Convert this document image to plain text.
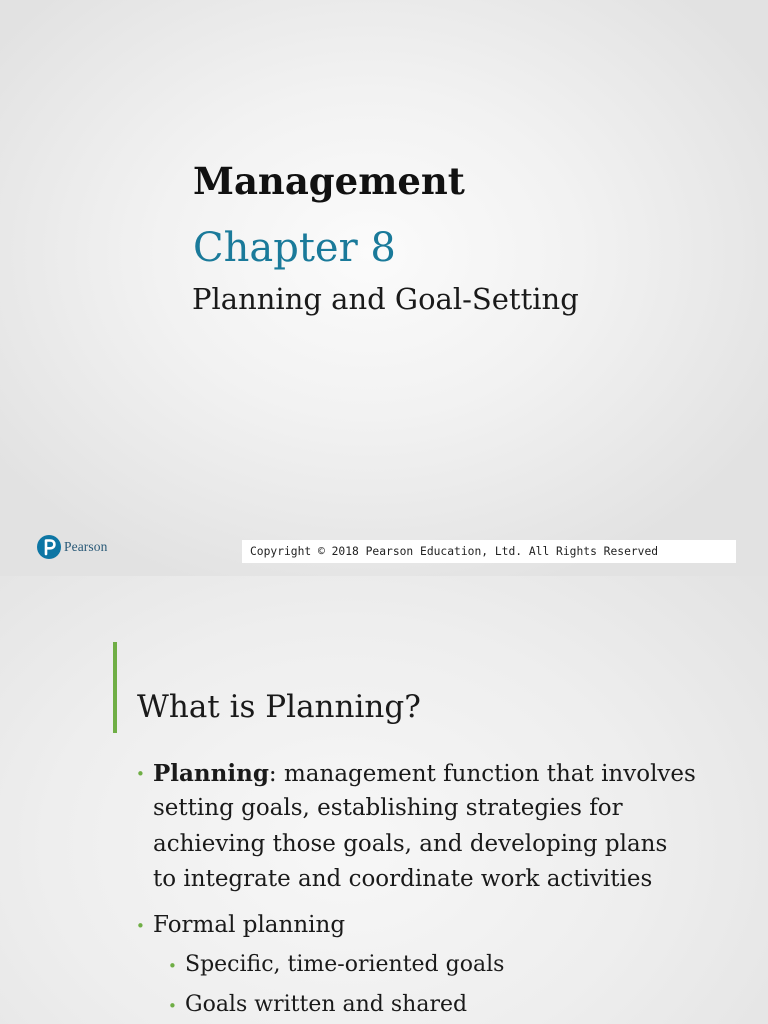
Management
Chapter 8
Planning and Goal-Setting
Pearson	Copyright © 2018 Pearson Education, Ltd. All Rights Reserved
What is Planning?
• Planning: management function that involves
setting goals, establishing strategies for
achieving those goals, and developing plans
to integrate and coordinate work activities
• Formal planning
• Specific, time-oriented goals
• Goals written and shared
